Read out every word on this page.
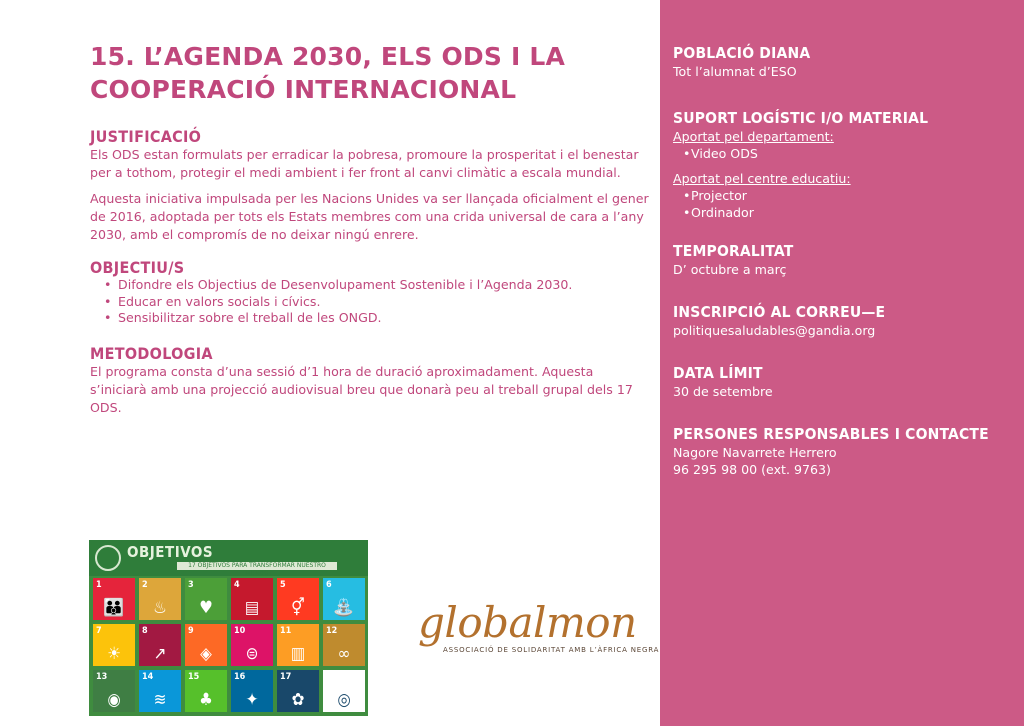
15. L’AGENDA 2030, ELS ODS I LA COOPERACIÓ INTERNACIONAL
JUSTIFICACIÓ

Els ODS estan formulats per erradicar la pobresa, promoure la prosperitat i el benestar per a tothom, protegir el medi ambient i fer front al canvi climàtic a escala mundial.

Aquesta iniciativa impulsada per les Nacions Unides va ser llançada oficialment el gener de 2016, adoptada per tots els Estats membres com una crida universal de cara a l’any 2030, amb el compromís de no deixar ningú enrere.

OBJECTIU/S
• Difondre els Objectius de Desenvolupament Sostenible i l’Agenda 2030.
• Educar en valors socials i cívics.
• Sensibilitzar sobre el treball de les ONGD.
METODOLOGIA

El programa consta d’una sessió d’1 hora de duració aproximadament. Aquesta s’iniciarà amb una projecció audiovisual breu que donarà peu al treball grupal dels 17 ODS.

OBJETIVOS
17 OBJETIVOS PARA TRANSFORMAR NUESTRO MUNDO
1
👪
2
♨
3
♥
4
▤
5
⚥
6
⛲
7
☀
8
↗
9
◈
10
⊜
11
▥
12
∞
13
◉
14
≋
15
♣
16
✦
17
✿	◎
globalmon
ASSOCIACIÓ DE SOLIDARITAT AMB L’ÀFRICA NEGRA
POBLACIÓ DIANA

Tot l’alumnat d’ESO

SUPORT LOGÍSTIC I/O MATERIAL

Aportat pel departament:

• Video ODS

Aportat pel centre educatiu:

• Projector
• Ordinador
TEMPORALITAT

D’ octubre a març

INSCRIPCIÓ AL CORREU—E

politiquesaludables@gandia.org

DATA LÍMIT

30 de setembre

PERSONES RESPONSABLES I CONTACTE

Nagore Navarrete Herrero

96 295 98 00 (ext. 9763)
